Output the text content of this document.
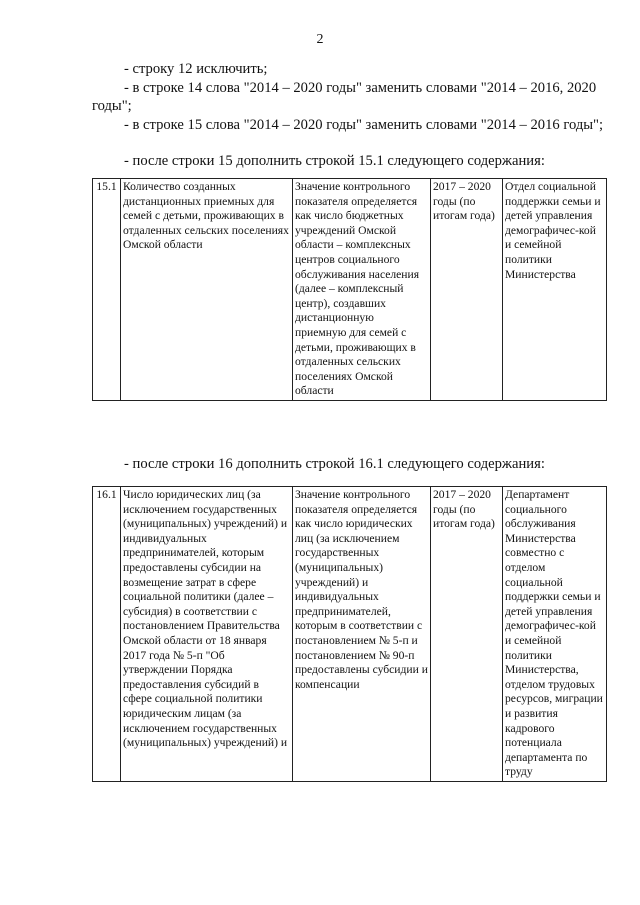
2
- строку 12 исключить;
- в строке 14 слова "2014 – 2020 годы" заменить словами "2014 – 2016, 2020 годы";
- в строке 15 слова "2014 – 2020 годы" заменить словами "2014 – 2016 годы";
- после строки 15 дополнить строкой 15.1 следующего содержания:
15.1	Количество созданных дистанционных приемных для семей с детьми, проживающих в отдаленных сельских поселениях Омской области	Значение контрольного показателя определяется как число бюджетных учреждений Омской области – комплексных центров социального обслуживания населения (далее – комплексный центр), создавших дистанционную приемную для семей с детьми, проживающих в отдаленных сельских поселениях Омской области	2017 – 2020 годы (по итогам года)	Отдел социальной поддержки семьи и детей управления демографичес-кой и семейной политики Министерства
- после строки 16 дополнить строкой 16.1 следующего содержания:
16.1	Число юридических лиц (за исключением государственных (муниципальных) учреждений) и индивидуальных предпринимателей, которым предоставлены субсидии на возмещение затрат в сфере социальной политики (далее – субсидия) в соответствии с постановлением Правительства Омской области от 18 января 2017 года № 5-п "Об утверждении Порядка предоставления субсидий в сфере социальной политики юридическим лицам (за исключением государственных (муниципальных) учреждений) и	Значение контрольного показателя определяется как число юридических лиц (за исключением государственных (муниципальных) учреждений) и индивидуальных предпринимателей, которым в соответствии с постановлением № 5-п и постановлением № 90-п предоставлены субсидии и компенсации	2017 – 2020 годы (по итогам года)	Департамент социального обслуживания Министерства совместно с отделом социальной поддержки семьи и детей управления демографичес-кой и семейной политики Министерства, отделом трудовых ресурсов, миграции и развития кадрового потенциала департамента по труду
